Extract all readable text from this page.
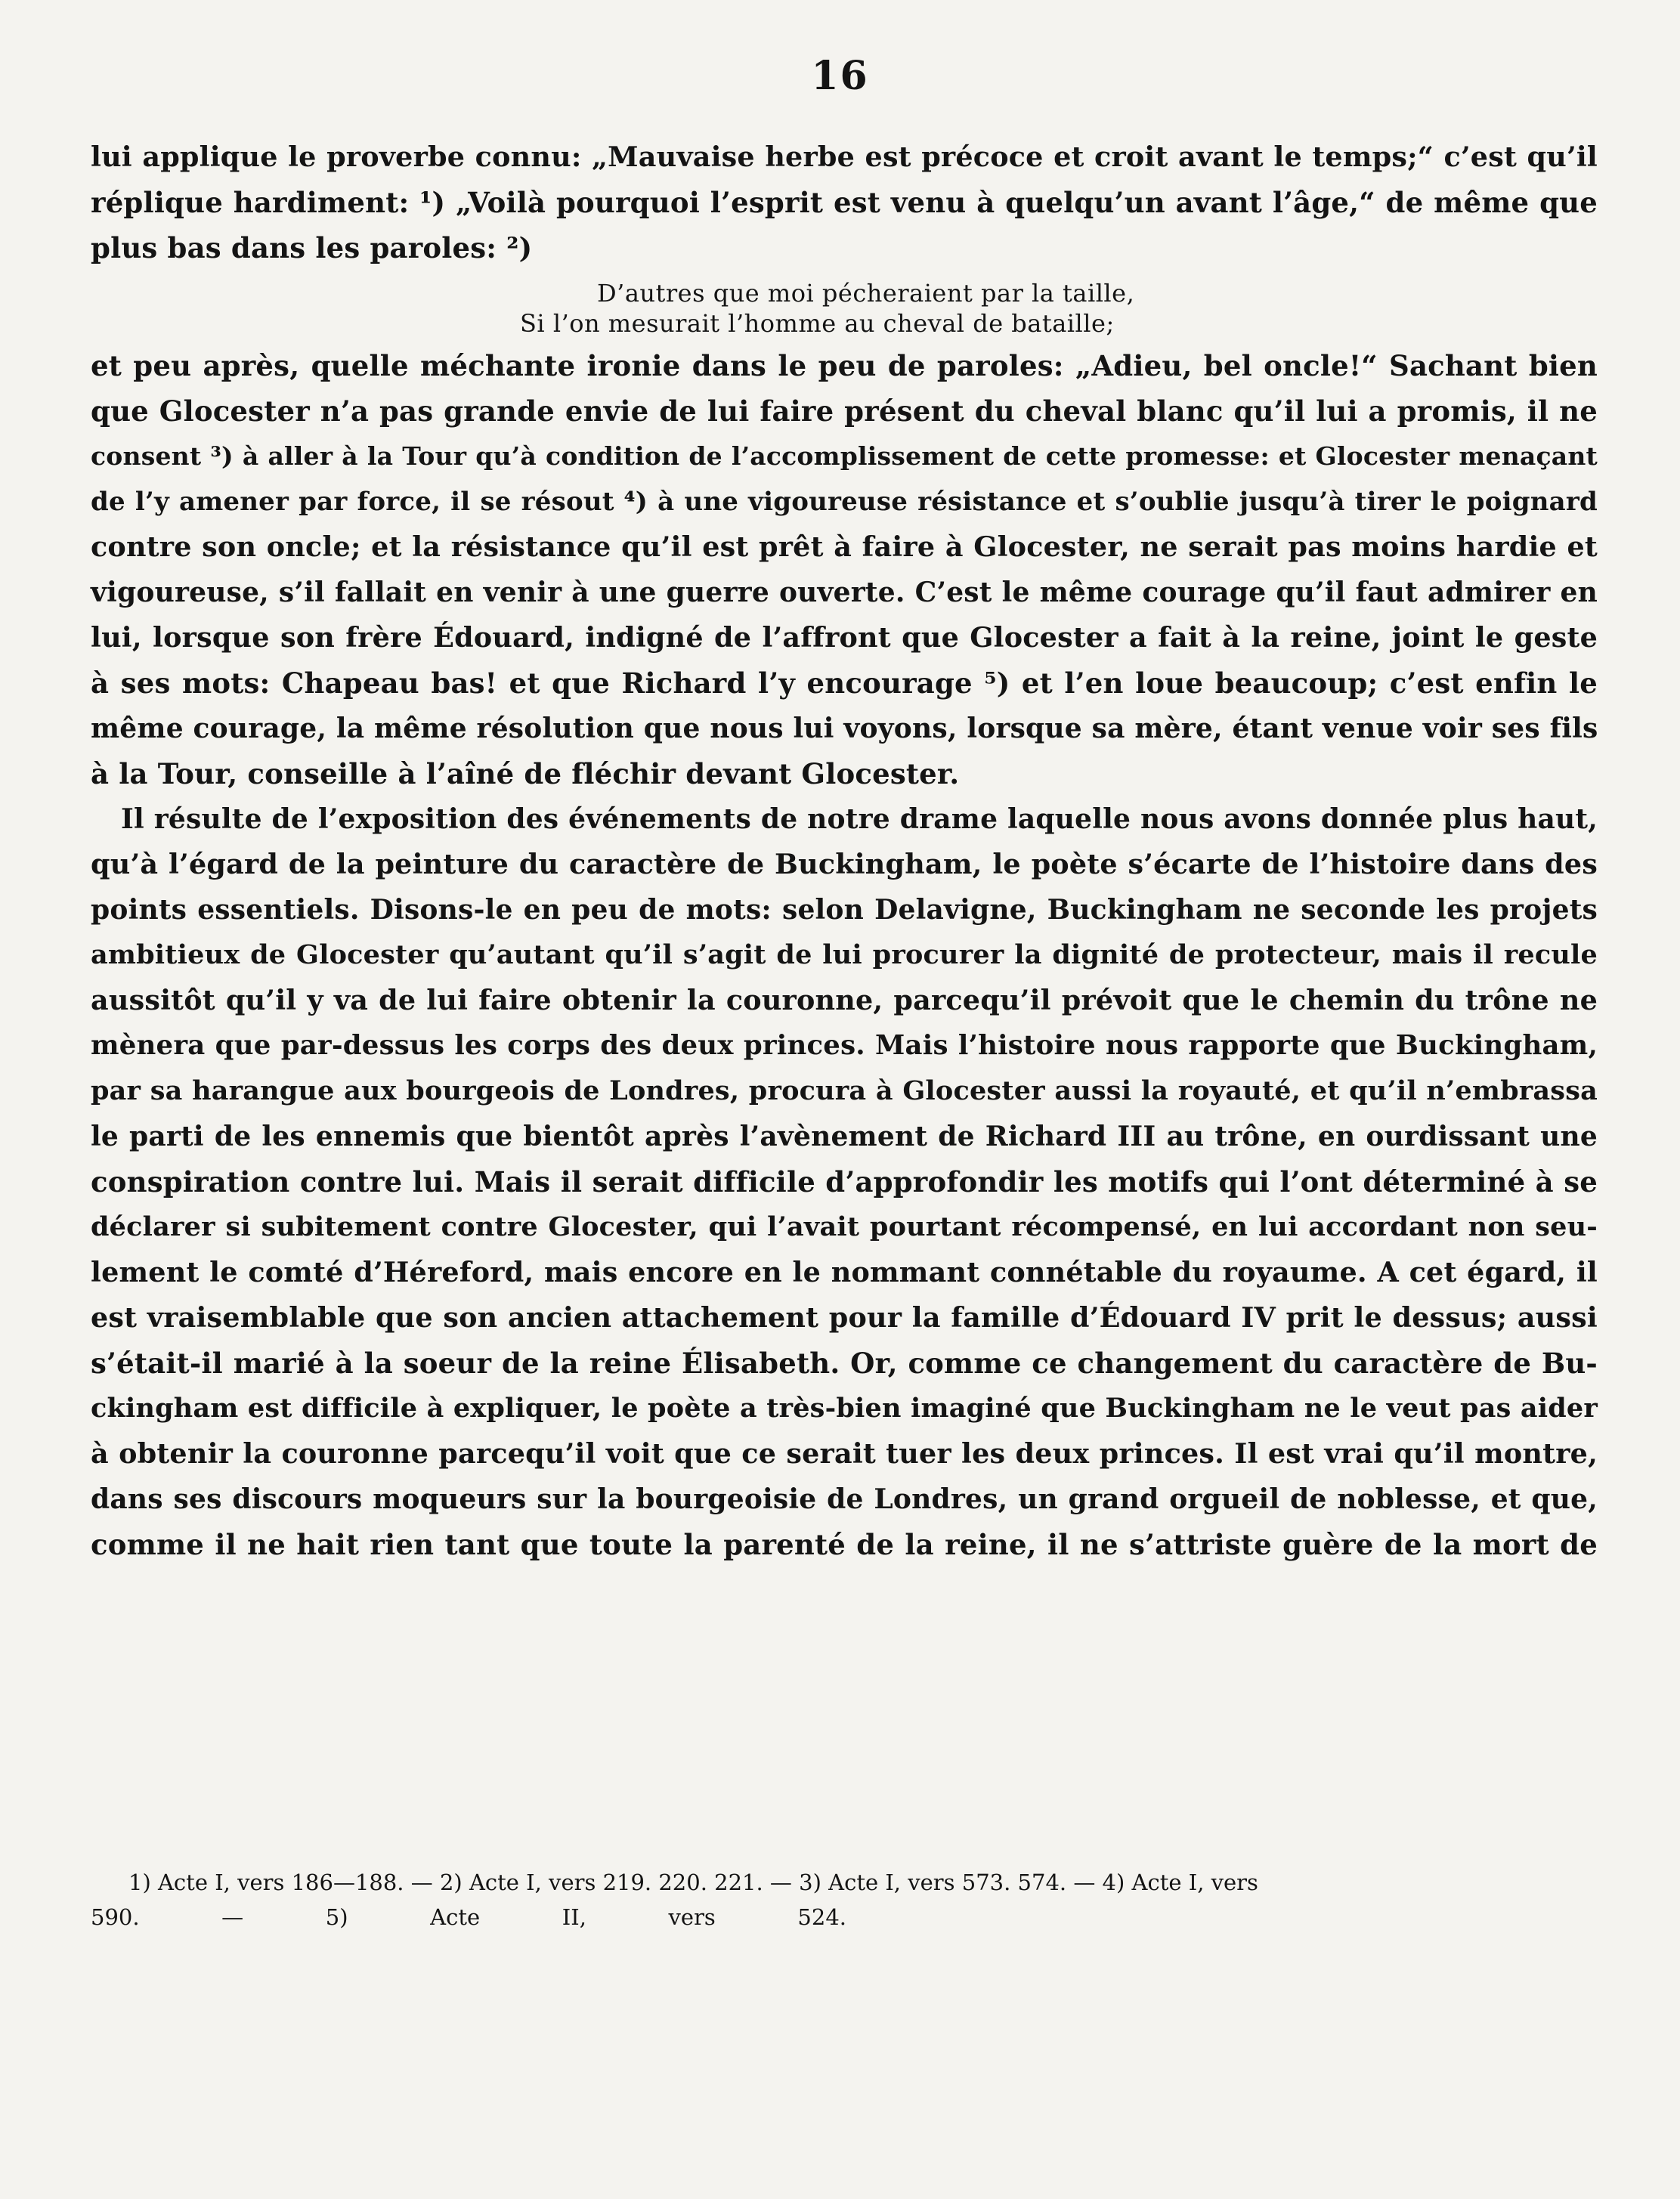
16
lui applique le proverbe connu: „Mauvaise herbe est précoce et croit avant le temps;“ c’est qu’il
réplique hardiment: ¹) „Voilà pourquoi l’esprit est venu à quelqu’un avant l’âge,“ de même que
plus bas dans les paroles: ²)
D’autres que moi pécheraient par la taille,
Si l’on mesurait l’homme au cheval de bataille;
et peu après, quelle méchante ironie dans le peu de paroles: „Adieu, bel oncle!“ Sachant bien
que Glocester n’a pas grande envie de lui faire présent du cheval blanc qu’il lui a promis, il ne
consent ³) à aller à la Tour qu’à condition de l’accomplissement de cette promesse: et Glocester menaçant
de l’y amener par force, il se résout ⁴) à une vigoureuse résistance et s’oublie jusqu’à tirer le poignard
contre son oncle; et la résistance qu’il est prêt à faire à Glocester, ne serait pas moins hardie et
vigoureuse, s’il fallait en venir à une guerre ouverte. C’est le même courage qu’il faut admirer en
lui, lorsque son frère Édouard, indigné de l’affront que Glocester a fait à la reine, joint le geste
à ses mots: Chapeau bas! et que Richard l’y encourage ⁵) et l’en loue beaucoup; c’est enfin le
même courage, la même résolution que nous lui voyons, lorsque sa mère, étant venue voir ses fils
à la Tour, conseille à l’aîné de fléchir devant Glocester.
Il résulte de l’exposition des événements de notre drame laquelle nous avons donnée plus haut,
qu’à l’égard de la peinture du caractère de Buckingham, le poète s’écarte de l’histoire dans des
points essentiels. Disons-le en peu de mots: selon Delavigne, Buckingham ne seconde les projets
ambitieux de Glocester qu’autant qu’il s’agit de lui procurer la dignité de protecteur, mais il recule
aussitôt qu’il y va de lui faire obtenir la couronne, parcequ’il prévoit que le chemin du trône ne
mènera que par-dessus les corps des deux princes. Mais l’histoire nous rapporte que Buckingham,
par sa harangue aux bourgeois de Londres, procura à Glocester aussi la royauté, et qu’il n’embrassa
le parti de les ennemis que bientôt après l’avènement de Richard III au trône, en ourdissant une
conspiration contre lui. Mais il serait difficile d’approfondir les motifs qui l’ont déterminé à se
déclarer si subitement contre Glocester, qui l’avait pourtant récompensé, en lui accordant non seu-
lement le comté d’Héreford, mais encore en le nommant connétable du royaume. A cet égard, il
est vraisemblable que son ancien attachement pour la famille d’Édouard IV prit le dessus; aussi
s’était-il marié à la soeur de la reine Élisabeth. Or, comme ce changement du caractère de Bu-
ckingham est difficile à expliquer, le poète a très-bien imaginé que Buckingham ne le veut pas aider
à obtenir la couronne parcequ’il voit que ce serait tuer les deux princes. Il est vrai qu’il montre,
dans ses discours moqueurs sur la bourgeoisie de Londres, un grand orgueil de noblesse, et que,
comme il ne hait rien tant que toute la parenté de la reine, il ne s’attriste guère de la mort de
1) Acte I, vers 186—188. — 2) Acte I, vers 219. 220. 221. — 3) Acte I, vers 573. 574. — 4) Acte I, vers
590. — 5) Acte II, vers 524.
